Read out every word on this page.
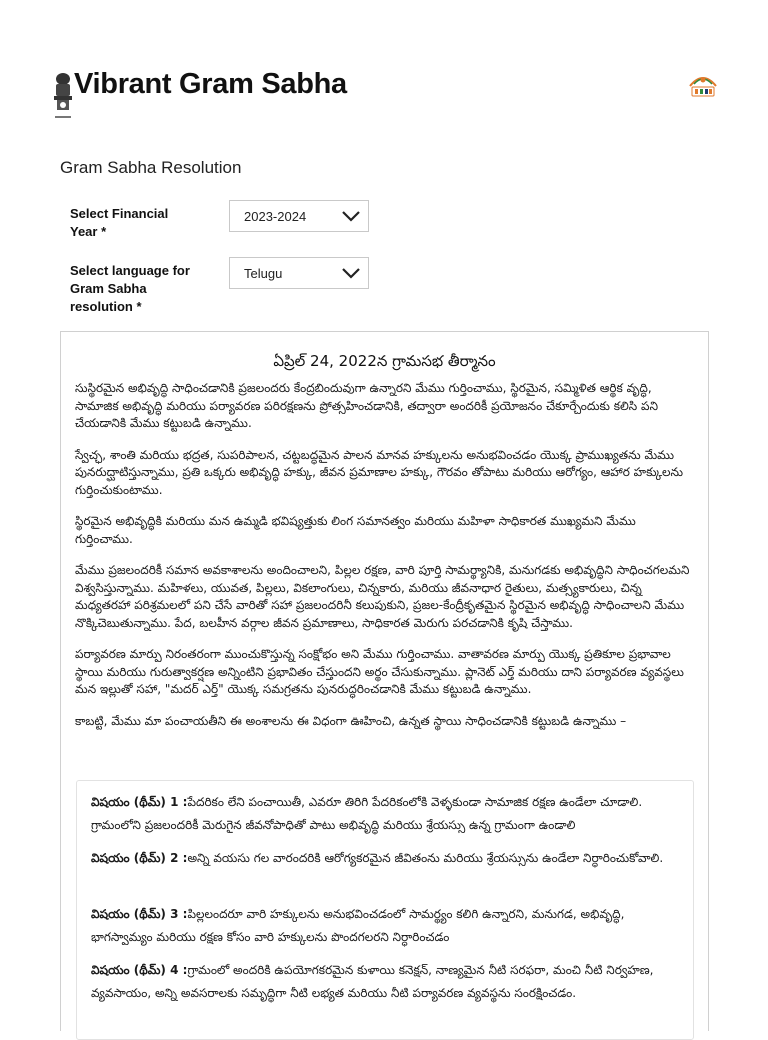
Vibrant Gram Sabha
Gram Sabha Resolution
Select Financial Year *
2023-2024
Select language for Gram Sabha resolution *
Telugu
ఏప్రిల్ 24, 2022న గ్రామసభ తీర్మానం

సుస్థిరమైన అభివృద్ధి సాధించడానికి ప్రజలందరు కేంద్రబిందువుగా ఉన్నారని మేము గుర్తించాము, స్థిరమైన, సమ్మిళిత ఆర్థిక వృద్ధి, సామాజిక అభివృద్ధి మరియు పర్యావరణ పరిరక్షణను ప్రోత్సహించడానికి, తద్వారా అందరికీ ప్రయోజనం చేకూర్చేందుకు కలిసి పని చేయడానికి మేము కట్టుబడి ఉన్నాము.

స్వేచ్ఛ, శాంతి మరియు భద్రత, సుపరిపాలన, చట్టబద్ధమైన పాలన మానవ హక్కులను అనుభవించడం యొక్క ప్రాముఖ్యతను మేము పునరుద్ఘాటిస్తున్నాము, ప్రతి ఒక్కరు అభివృద్ధి హక్కు, జీవన ప్రమాణాల హక్కు, గౌరవం తోపాటు మరియు ఆరోగ్యం, ఆహార హక్కులను గుర్తించుకుంటాము.

స్థిరమైన అభివృద్ధికి మరియు మన ఉమ్మడి భవిష్యత్తుకు లింగ సమానత్వం మరియు మహిళా సాధికారత ముఖ్యమని మేము గుర్తించాము.

మేము ప్రజలందరికీ సమాన అవకాశాలను అందించాలని, పిల్లల రక్షణ, వారి పూర్తి సామర్థ్యానికి, మనుగడకు అభివృద్ధిని సాధించగలమని విశ్వసిస్తున్నాము. మహిళలు, యువత, పిల్లలు, వికలాంగులు, చిన్నకారు, మరియు జీవనాధార రైతులు, మత్స్యకారులు, చిన్న మధ్యతరహా పరిశ్రమలలో పని చేసే వారితో సహా ప్రజలందరినీ కలుపుకుని, ప్రజల-కేంద్రీకృతమైన స్థిరమైన అభివృద్ధి సాధించాలని మేము నొక్కిచెబుతున్నాము. పేద, బలహీన వర్గాల జీవన ప్రమాణాలు, సాధికారత మెరుగు పరచడానికి కృషి చేస్తాము.

పర్యావరణ మార్పు నిరంతరంగా ముంచుకొస్తున్న సంక్షోభం అని మేము గుర్తించాము. వాతావరణ మార్పు యొక్క ప్రతికూల ప్రభావాల స్థాయి మరియు గురుత్వాకర్షణ అన్నింటిని ప్రభావితం చేస్తుందని అర్థం చేసుకున్నాము. ప్లానెట్ ఎర్త్ మరియు దాని పర్యావరణ వ్యవస్థలు మన ఇల్లుతో సహా, "మదర్ ఎర్త్" యొక్క సమగ్రతను పునరుద్ధరించడానికి మేము కట్టుబడి ఉన్నాము.

కాబట్టి, మేము మా పంచాయతీని ఈ అంశాలను ఈ విధంగా ఊహించి, ఉన్నత స్థాయి సాధించడానికి కట్టుబడి ఉన్నాము –

విషయం (థీమ్) 1 :పేదరికం లేని పంచాయితీ, ఎవరూ తిరిగి పేదరికంలోకి వెళ్ళకుండా సామాజిక రక్షణ ఉండేలా చూడాలి. గ్రామంలోని ప్రజలందరికీ మెరుగైన జీవనోపాధితో పాటు అభివృద్ధి మరియు శ్రేయస్సు ఉన్న గ్రామంగా ఉండాలి
విషయం (థీమ్) 2 :అన్ని వయసు గల వారందరికి ఆరోగ్యకరమైన జీవితంను మరియు శ్రేయస్సును ఉండేలా నిర్ధారించుకోవాలి.
విషయం (థీమ్) 3 :పిల్లలందరూ వారి హక్కులను అనుభవించడంలో సామర్థ్యం కలిగి ఉన్నారని, మనుగడ, అభివృద్ధి, భాగస్వామ్యం మరియు రక్షణ కోసం వారి హక్కులను పొందగలరని నిర్ధారించడం
విషయం (థీమ్) 4 :గ్రామంలో అందరికి ఉపయోగకరమైన కుళాయి కనెక్షన్, నాణ్యమైన నీటి సరఫరా, మంచి నీటి నిర్వహణ, వ్యవసాయం, అన్ని అవసరాలకు సమృద్ధిగా నీటి లభ్యత మరియు నీటి పర్యావరణ వ్యవస్థను సంరక్షించడం.
